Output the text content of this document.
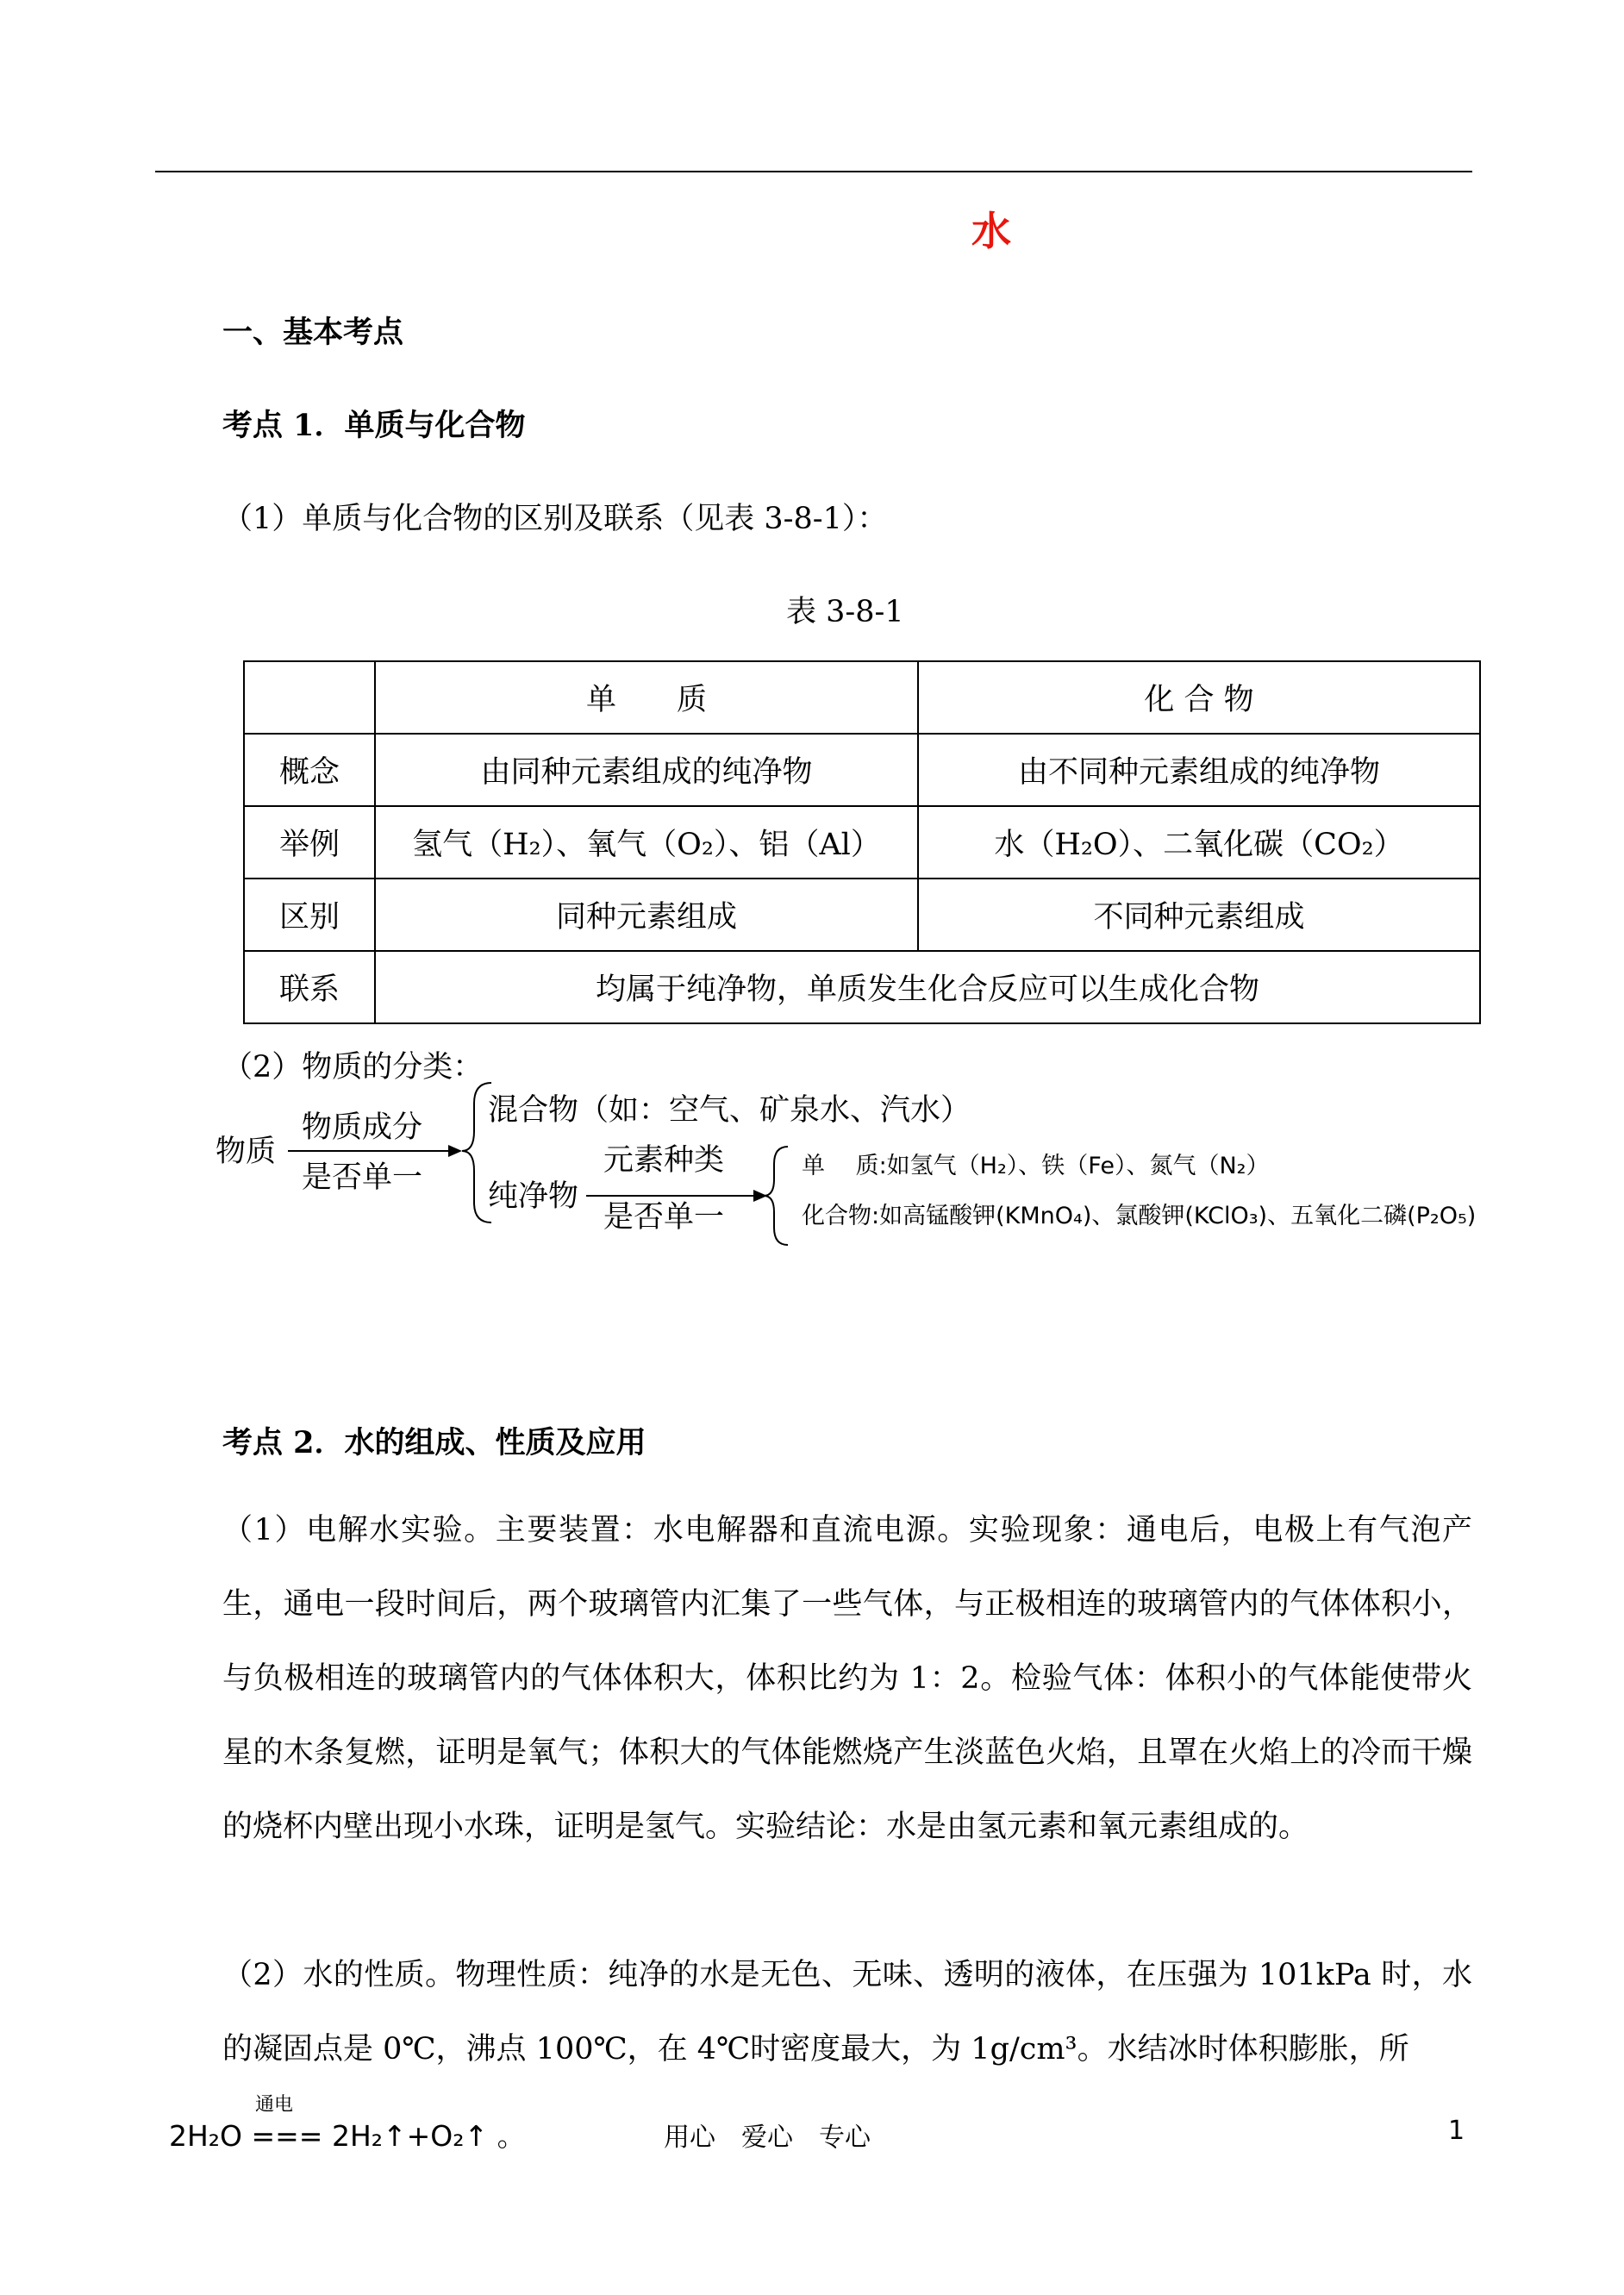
水
一、基本考点
考点 1．单质与化合物
（1）单质与化合物的区别及联系（见表 3-8-1）：
表 3-8-1
	单　　质	化 合 物
概念	由同种元素组成的纯净物	由不同种元素组成的纯净物
举例	氢气（H₂）、氧气（O₂）、铝（Al）	水（H₂O）、二氧化碳（CO₂）
区别	同种元素组成	不同种元素组成
联系	均属于纯净物，单质发生化合反应可以生成化合物	
（2）物质的分类：
物质
物质成分
是否单一
混合物（如：空气、矿泉水、汽水）
纯净物
元素种类
是否单一
单　 质:如氢气（H₂）、铁（Fe）、氮气（N₂）
化合物:如高锰酸钾(KMnO₄)、氯酸钾(KClO₃)、五氧化二磷(P₂O₅)
考点 2．水的组成、性质及应用
（1）电解水实验。主要装置：水电解器和直流电源。实验现象：通电后，电极上有气泡产生，通电一段时间后，两个玻璃管内汇集了一些气体，与正极相连的玻璃管内的气体体积小，与负极相连的玻璃管内的气体体积大，体积比约为 1：2。检验气体：体积小的气体能使带火星的木条复燃，证明是氧气；体积大的气体能燃烧产生淡蓝色火焰，且罩在火焰上的冷而干燥的烧杯内壁出现小水珠，证明是氢气。实验结论：水是由氢元素和氧元素组成的。
（2）水的性质。物理性质：纯净的水是无色、无味、透明的液体，在压强为 101kPa 时，水的凝固点是 0℃，沸点 100℃，在 4℃时密度最大，为 1g/cm³。水结冰时体积膨胀，所
通电
2H₂O === 2H₂↑+O₂↑ 。	用心　爱心　专心	1
